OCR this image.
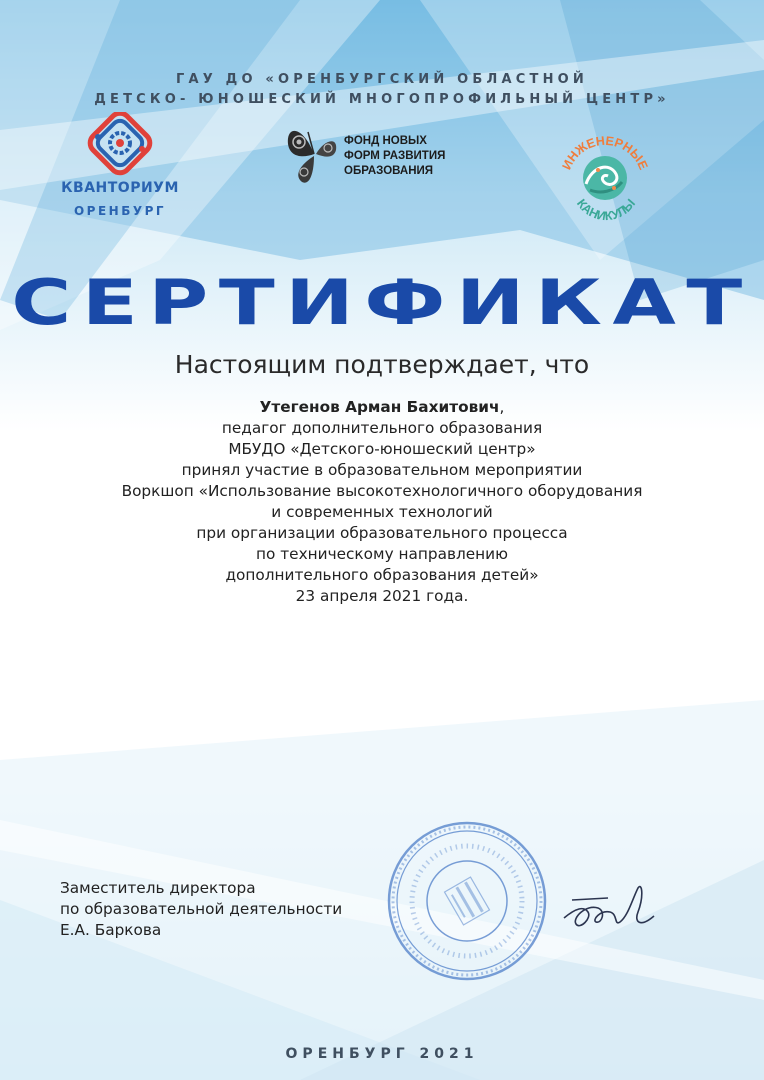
ГАУ ДО «ОРЕНБУРГСКИЙ ОБЛАСТНОЙ
ДЕТСКО- ЮНОШЕСКИЙ МНОГОПРОФИЛЬНЫЙ ЦЕНТР»
КВАНТОРИУМ
ОРЕНБУРГ
ФОНД НОВЫХ
ФОРМ РАЗВИТИЯ
ОБРАЗОВАНИЯ	ИНЖЕНЕРНЫЕ
КАНИКУЛЫ
СЕРТИФИКАТ
Настоящим подтверждает, что
Утегенов Арман Бахитович,
педагог дополнительного образования
МБУДО «Детского-юношеский центр»
принял участие в образовательном мероприятии
Воркшоп «Использование высокотехнологичного оборудования
и современных технологий
при организации образовательного процесса
по техническому направлению
дополнительного образования детей»
23 апреля 2021 года.
Заместитель директора
по образовательной деятельности
Е.А. Баркова
ОРЕНБУРГ 2021
